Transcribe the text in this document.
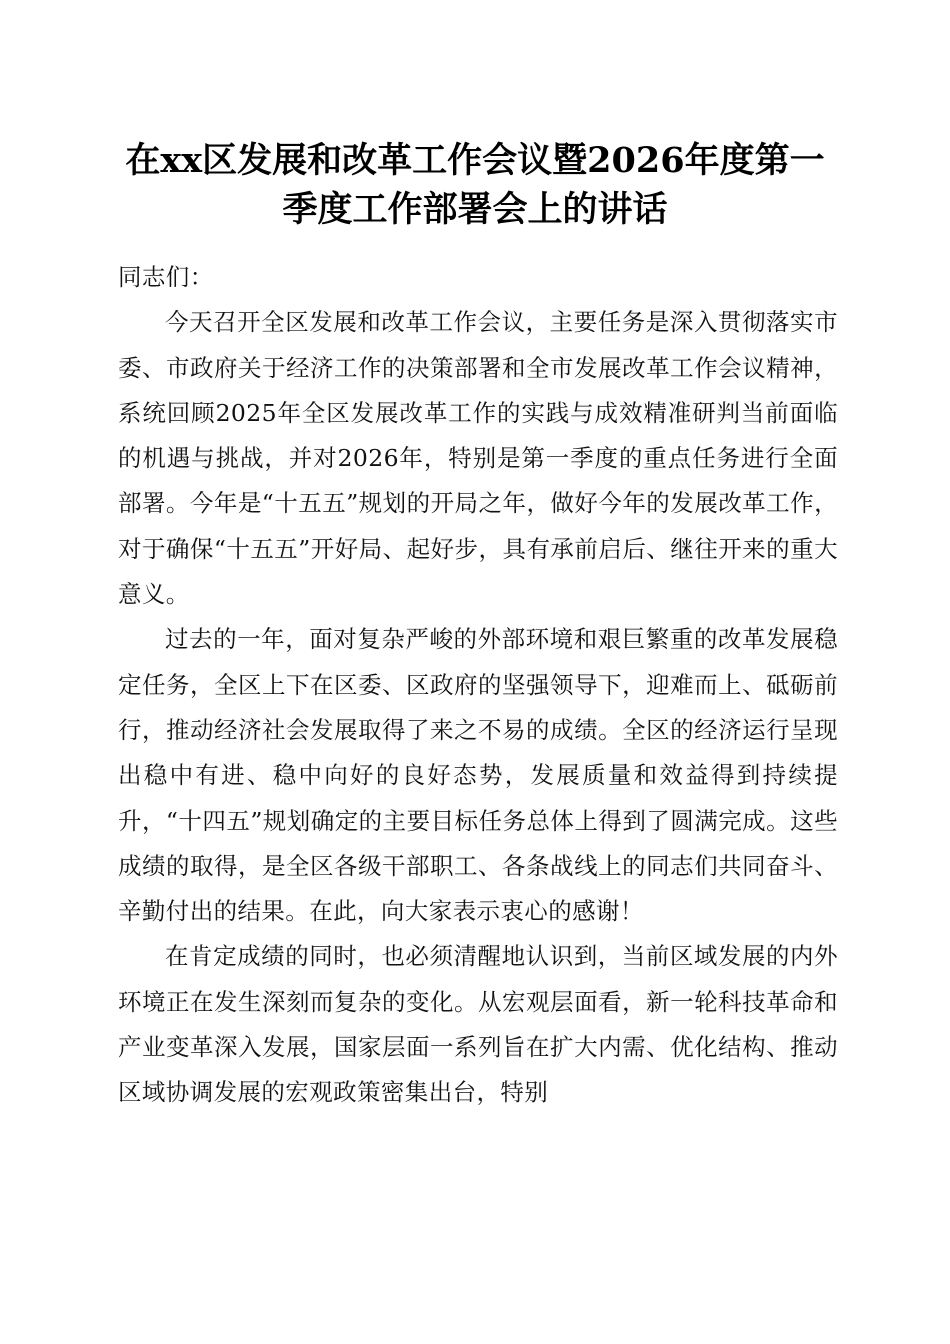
在xx区发展和改革工作会议暨2026年度第一
季度工作部署会上的讲话

同志们：

今天召开全区发展和改革工作会议，主要任务是深入贯彻落实市委、市政府关于经济工作的决策部署和全市发展改革工作会议精神，系统回顾2025年全区发展改革工作的实践与成效精准研判当前面临的机遇与挑战，并对2026年，特别是第一季度的重点任务进行全面部署。今年是“十五五”规划的开局之年，做好今年的发展改革工作，对于确保“十五五”开好局、起好步，具有承前启后、继往开来的重大意义。

过去的一年，面对复杂严峻的外部环境和艰巨繁重的改革发展稳定任务，全区上下在区委、区政府的坚强领导下，迎难而上、砥砺前行，推动经济社会发展取得了来之不易的成绩。全区的经济运行呈现出稳中有进、稳中向好的良好态势，发展质量和效益得到持续提升，“十四五”规划确定的主要目标任务总体上得到了圆满完成。这些成绩的取得，是全区各级干部职工、各条战线上的同志们共同奋斗、辛勤付出的结果。在此，向大家表示衷心的感谢！

在肯定成绩的同时，也必须清醒地认识到，当前区域发展的内外环境正在发生深刻而复杂的变化。从宏观层面看，新一轮科技革命和产业变革深入发展，国家层面一系列旨在扩大内需、优化结构、推动区域协调发展的宏观政策密集出台，特别
